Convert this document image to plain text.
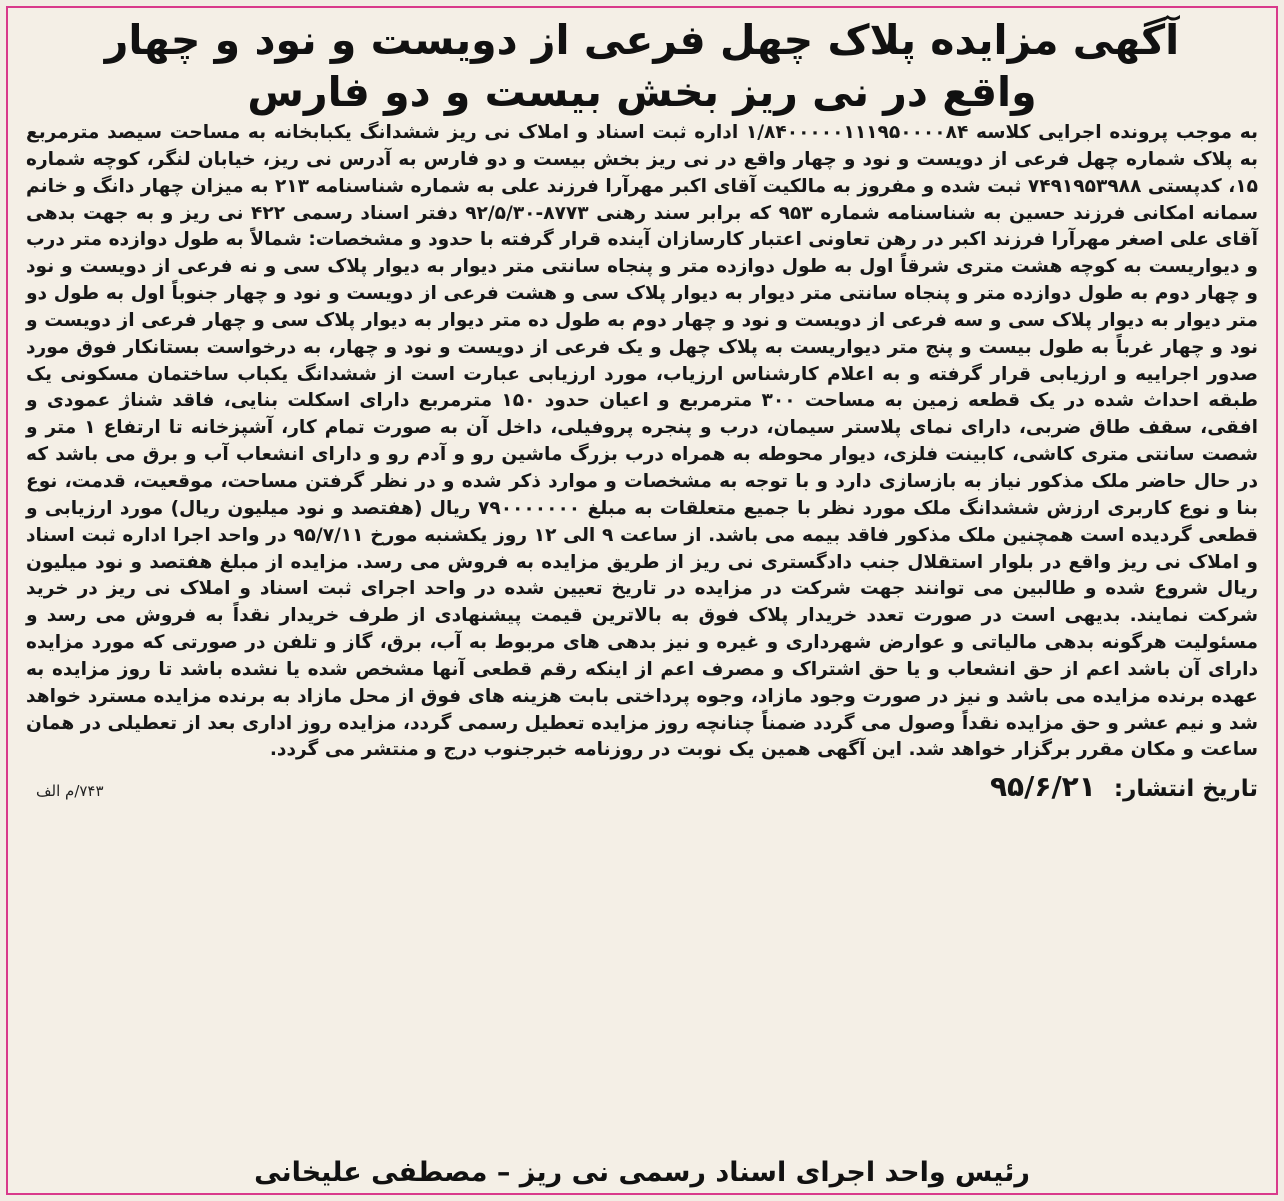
آگهی مزایده پلاک چهل فرعی از دویست و نود و چهار
واقع در نی ریز بخش بیست و دو فارس

به موجب پرونده اجرایی کلاسه ۱/۸۴۰۰۰۰۰۱۱۱۹۵۰۰۰۰۸۴ اداره ثبت اسناد و املاک نی ریز ششدانگ یکبابخانه به مساحت سیصد مترمربع به پلاک شماره چهل فرعی از دویست و نود و چهار واقع در نی ریز بخش بیست و دو فارس به آدرس نی ریز، خیابان لنگر، کوچه شماره ۱۵، کدپستی ۷۴۹۱۹۵۳۹۸۸ ثبت شده و مفروز به مالکیت آقای اکبر مهرآرا فرزند علی به شماره شناسنامه ۲۱۳ به میزان چهار دانگ و خانم سمانه امکانی فرزند حسین به شناسنامه شماره ۹۵۳ که برابر سند رهنی ۸۷۷۳-۹۲/۵/۳۰ دفتر اسناد رسمی ۴۲۲ نی ریز و به جهت بدهی آقای علی اصغر مهرآرا فرزند اکبر در رهن تعاونی اعتبار کارسازان آینده قرار گرفته با حدود و مشخصات: شمالاً به طول دوازده متر درب و دیواریست به کوچه هشت متری شرقاً اول به طول دوازده متر و پنجاه سانتی متر دیوار به دیوار پلاک سی و نه فرعی از دویست و نود و چهار دوم به طول دوازده متر و پنجاه سانتی متر دیوار به دیوار پلاک سی و هشت فرعی از دویست و نود و چهار جنوباً اول به طول دو متر دیوار به دیوار پلاک سی و سه فرعی از دویست و نود و چهار دوم به طول ده متر دیوار به دیوار پلاک سی و چهار فرعی از دویست و نود و چهار غرباً به طول بیست و پنج متر دیواریست به پلاک چهل و یک فرعی از دویست و نود و چهار، به درخواست بستانکار فوق مورد صدور اجراییه و ارزیابی قرار گرفته و به اعلام کارشناس ارزیاب، مورد ارزیابی عبارت است از ششدانگ یکباب ساختمان مسکونی یک طبقه احداث شده در یک قطعه زمین به مساحت ۳۰۰ مترمربع و اعیان حدود ۱۵۰ مترمربع دارای اسکلت بنایی، فاقد شناژ عمودی و افقی، سقف طاق ضربی، دارای نمای پلاستر سیمان، درب و پنجره پروفیلی، داخل آن به صورت تمام کار، آشپزخانه تا ارتفاع ۱ متر و شصت سانتی متری کاشی، کابینت فلزی، دیوار محوطه به همراه درب بزرگ ماشین رو و آدم رو و دارای انشعاب آب و برق می باشد که در حال حاضر ملک مذکور نیاز به بازسازی دارد و با توجه به مشخصات و موارد ذکر شده و در نظر گرفتن مساحت، موقعیت، قدمت، نوع بنا و نوع کاربری ارزش ششدانگ ملک مورد نظر با جمیع متعلقات به مبلغ ۷۹۰۰۰۰۰۰۰ ریال (هفتصد و نود میلیون ریال) مورد ارزیابی و قطعی گردیده است همچنین ملک مذکور فاقد بیمه می باشد. از ساعت ۹ الی ۱۲ روز یکشنبه مورخ ۹۵/۷/۱۱ در واحد اجرا اداره ثبت اسناد و املاک نی ریز واقع در بلوار استقلال جنب دادگستری نی ریز از طریق مزایده به فروش می رسد. مزایده از مبلغ هفتصد و نود میلیون ریال شروع شده و طالبین می توانند جهت شرکت در مزایده در تاریخ تعیین شده در واحد اجرای ثبت اسناد و املاک نی ریز در خرید شرکت نمایند. بدیهی است در صورت تعدد خریدار پلاک فوق به بالاترین قیمت پیشنهادی از طرف خریدار نقداً به فروش می رسد و مسئولیت هرگونه بدهی مالیاتی و عوارض شهرداری و غیره و نیز بدهی های مربوط به آب، برق، گاز و تلفن در صورتی که مورد مزایده دارای آن باشد اعم از حق انشعاب و یا حق اشتراک و مصرف اعم از اینکه رقم قطعی آنها مشخص شده یا نشده باشد تا روز مزایده به عهده برنده مزایده می باشد و نیز در صورت وجود مازاد، وجوه پرداختی بابت هزینه های فوق از محل مازاد به برنده مزایده مسترد خواهد شد و نیم عشر و حق مزایده نقداً وصول می گردد ضمناً چنانچه روز مزایده تعطیل رسمی گردد، مزایده روز اداری بعد از تعطیلی در همان ساعت و مکان مقرر برگزار خواهد شد. این آگهی همین یک نوبت در روزنامه خبرجنوب درج و منتشر می گردد.

تاریخ انتشار: ۹۵/۶/۲۱
۷۴۳/م الف
رئیس واحد اجرای اسناد رسمی نی ریز – مصطفی علیخانی
